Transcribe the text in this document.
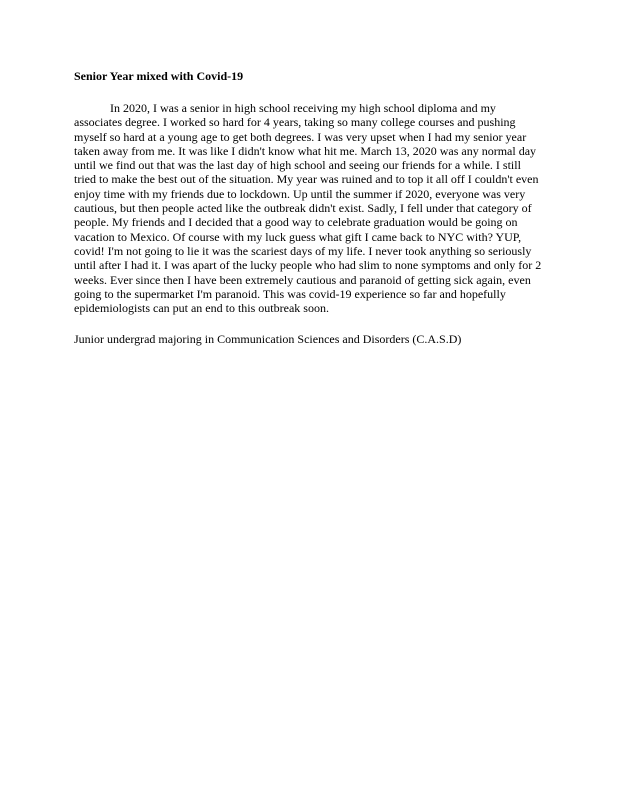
Senior Year mixed with Covid-19
In 2020, I was a senior in high school receiving my high school diploma and my
associates degree. I worked so hard for 4 years, taking so many college courses and pushing
myself so hard at a young age to get both degrees. I was very upset when I had my senior year
taken away from me. It was like I didn't know what hit me. March 13, 2020 was any normal day
until we find out that was the last day of high school and seeing our friends for a while. I still
tried to make the best out of the situation. My year was ruined and to top it all off I couldn't even
enjoy time with my friends due to lockdown. Up until the summer if 2020, everyone was very
cautious, but then people acted like the outbreak didn't exist. Sadly, I fell under that category of
people. My friends and I decided that a good way to celebrate graduation would be going on
vacation to Mexico. Of course with my luck guess what gift I came back to NYC with? YUP,
covid! I'm not going to lie it was the scariest days of my life. I never took anything so seriously
until after I had it. I was apart of the lucky people who had slim to none symptoms and only for 2
weeks. Ever since then I have been extremely cautious and paranoid of getting sick again, even
going to the supermarket I'm paranoid. This was covid-19 experience so far and hopefully
epidemiologists can put an end to this outbreak soon.

Junior undergrad majoring in Communication Sciences and Disorders (C.A.S.D)
